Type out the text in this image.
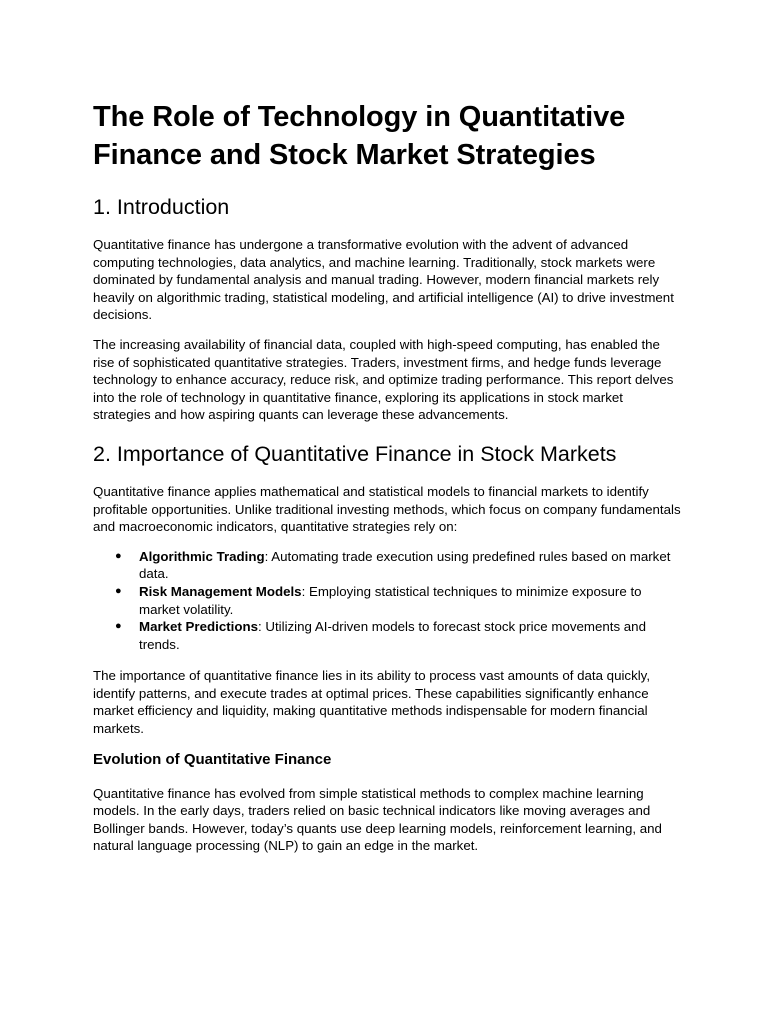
The Role of Technology in Quantitative Finance and Stock Market Strategies
1. Introduction

Quantitative finance has undergone a transformative evolution with the advent of advanced computing technologies, data analytics, and machine learning. Traditionally, stock markets were dominated by fundamental analysis and manual trading. However, modern financial markets rely heavily on algorithmic trading, statistical modeling, and artificial intelligence (AI) to drive investment decisions.

The increasing availability of financial data, coupled with high-speed computing, has enabled the rise of sophisticated quantitative strategies. Traders, investment firms, and hedge funds leverage technology to enhance accuracy, reduce risk, and optimize trading performance. This report delves into the role of technology in quantitative finance, exploring its applications in stock market strategies and how aspiring quants can leverage these advancements.

2. Importance of Quantitative Finance in Stock Markets

Quantitative finance applies mathematical and statistical models to financial markets to identify profitable opportunities. Unlike traditional investing methods, which focus on company fundamentals and macroeconomic indicators, quantitative strategies rely on:

● Algorithmic Trading: Automating trade execution using predefined rules based on market data.
● Risk Management Models: Employing statistical techniques to minimize exposure to market volatility.
● Market Predictions: Utilizing AI-driven models to forecast stock price movements and trends.

The importance of quantitative finance lies in its ability to process vast amounts of data quickly, identify patterns, and execute trades at optimal prices. These capabilities significantly enhance market efficiency and liquidity, making quantitative methods indispensable for modern financial markets.

Evolution of Quantitative Finance

Quantitative finance has evolved from simple statistical methods to complex machine learning models. In the early days, traders relied on basic technical indicators like moving averages and Bollinger bands. However, today’s quants use deep learning models, reinforcement learning, and natural language processing (NLP) to gain an edge in the market.
